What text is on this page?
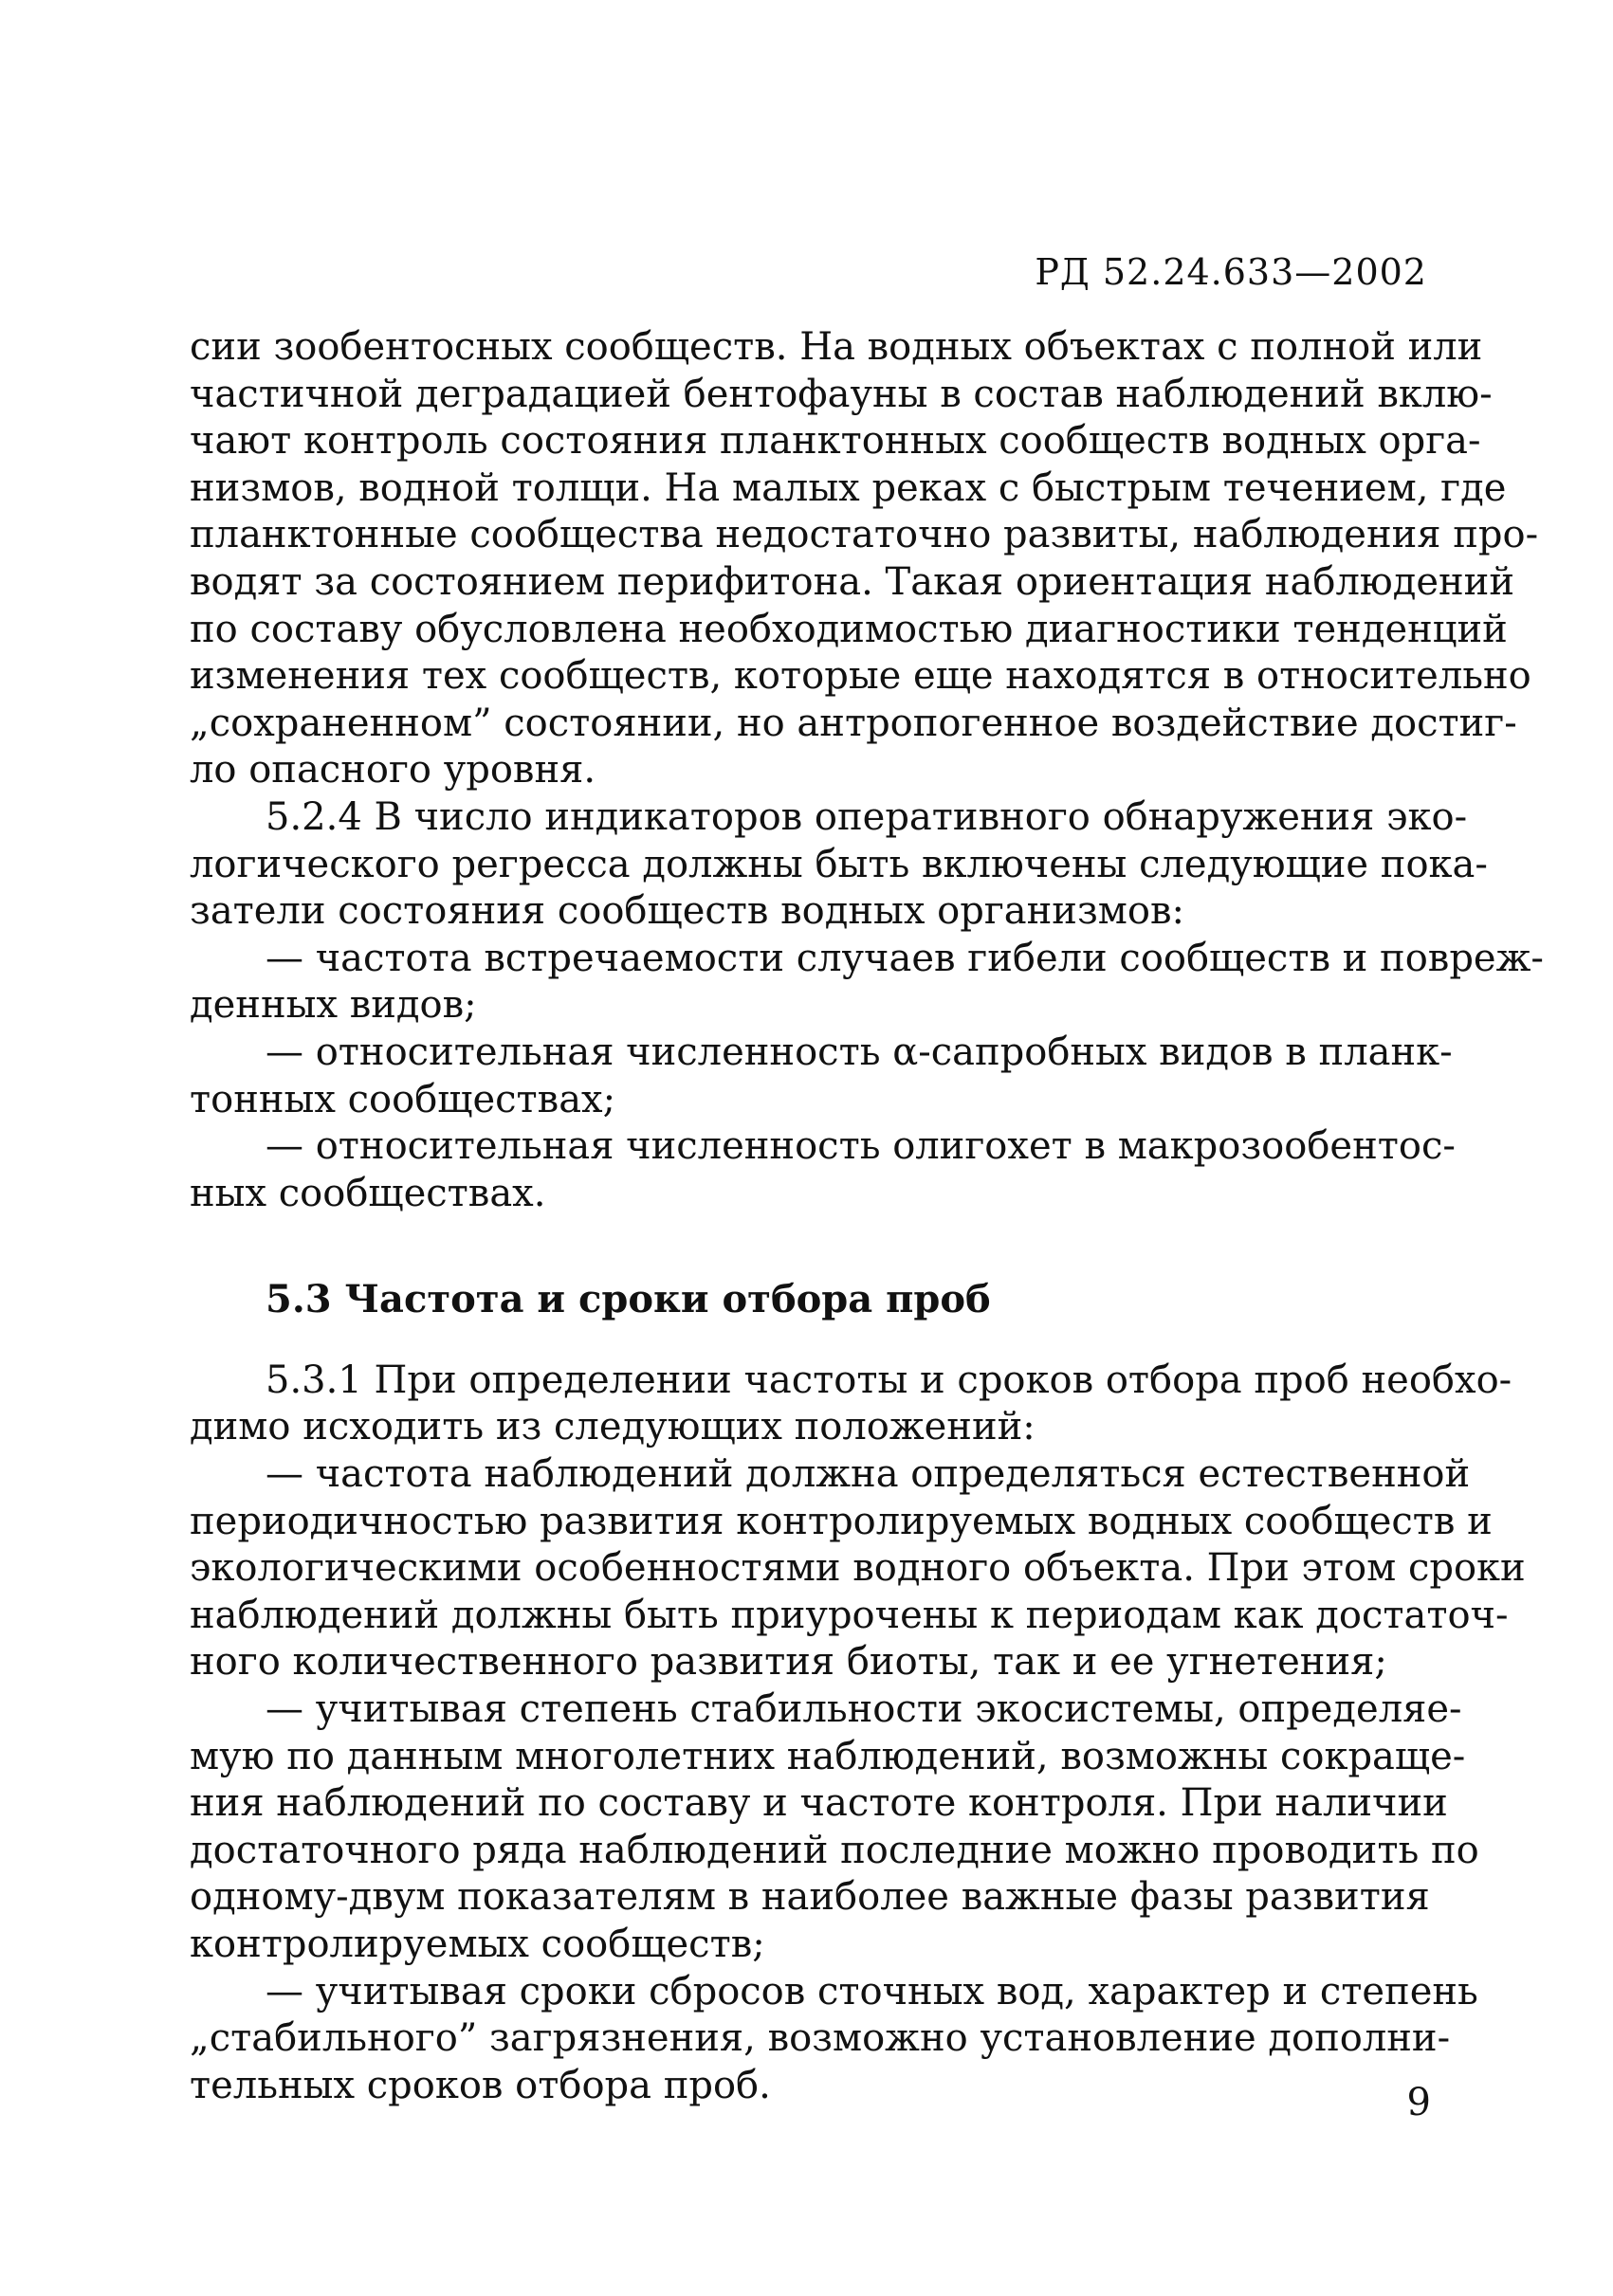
РД 52.24.633—2002
сии зообентосных сообществ. На водных объектах с полной или
частичной деградацией бентофауны в состав наблюдений вклю-
чают контроль состояния планктонных сообществ водных орга-
низмов, водной толщи. На малых реках с быстрым течением, где
планктонные сообщества недостаточно развиты, наблюдения про-
водят за состоянием перифитона. Такая ориентация наблюдений
по составу обусловлена необходимостью диагностики тенденций
изменения тех сообществ, которые еще находятся в относительно
„сохраненном” состоянии, но антропогенное воздействие достиг-
ло опасного уровня.
5.2.4 В число индикаторов оперативного обнаружения эко-
логического регресса должны быть включены следующие пока-
затели состояния сообществ водных организмов:
— частота встречаемости случаев гибели сообществ и повреж-
денных видов;
— относительная численность α-сапробных видов в планк-
тонных сообществах;
— относительная численность олигохет в макрозообентос-
ных сообществах.
5.3 Частота и сроки отбора проб
5.3.1 При определении частоты и сроков отбора проб необхо-
димо исходить из следующих положений:
— частота наблюдений должна определяться естественной
периодичностью развития контролируемых водных сообществ и
экологическими особенностями водного объекта. При этом сроки
наблюдений должны быть приурочены к периодам как достаточ-
ного количественного развития биоты, так и ее угнетения;
— учитывая степень стабильности экосистемы, определяе-
мую по данным многолетних наблюдений, возможны сокраще-
ния наблюдений по составу и частоте контроля. При наличии
достаточного ряда наблюдений последние можно проводить по
одному-двум показателям в наиболее важные фазы развития
контролируемых сообществ;
— учитывая сроки сбросов сточных вод, характер и степень
„стабильного” загрязнения, возможно установление дополни-
тельных сроков отбора проб.	9
